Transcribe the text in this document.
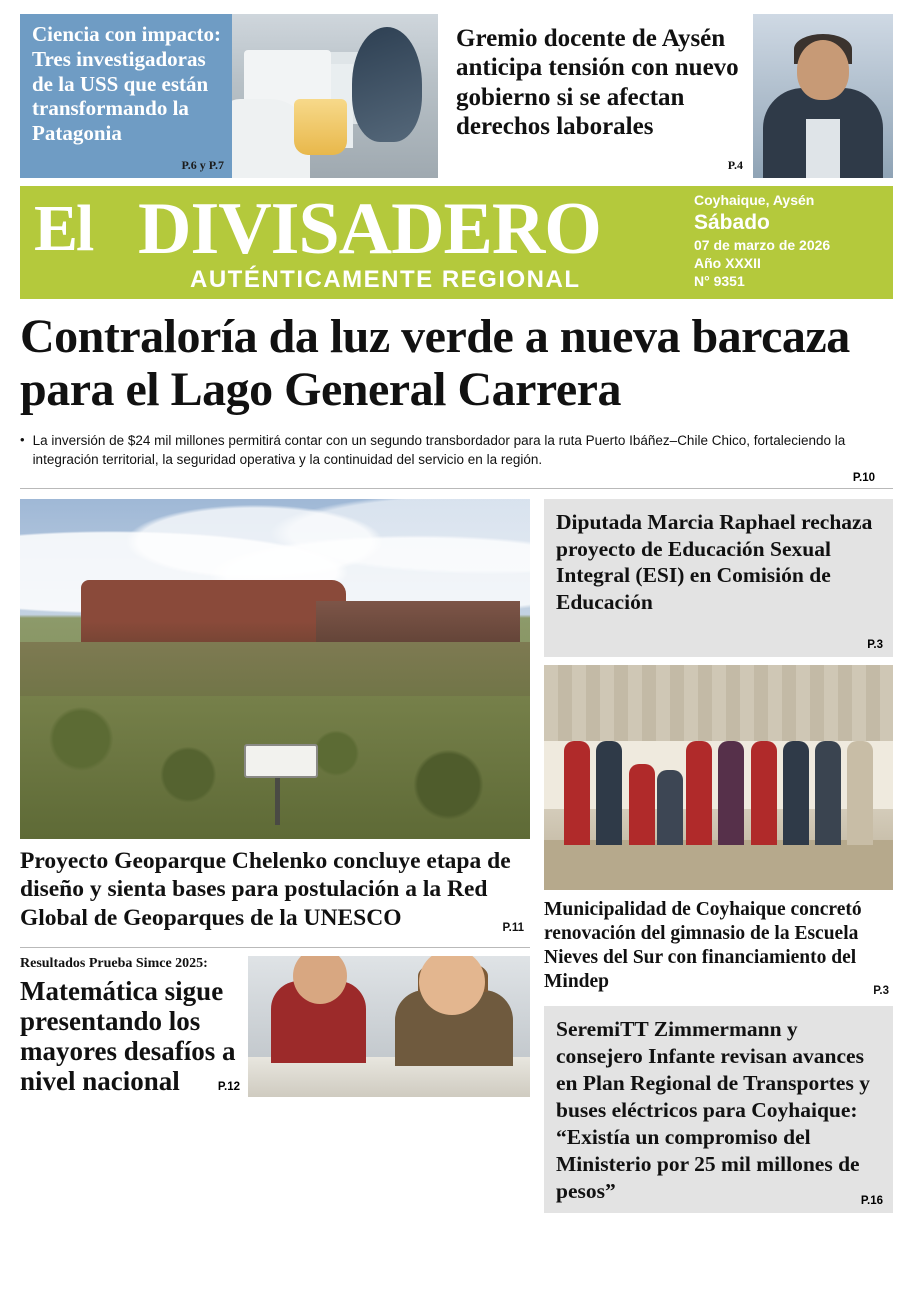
Ciencia con impacto: Tres investigadoras de la USS que están transformando la Patagonia
P.6 y P.7
Gremio docente de Aysén anticipa tensión con nuevo gobierno si se afectan derechos laborales
P.4
El DIVISADERO
AUTÉNTICAMENTE REGIONAL
Coyhaique, Aysén
Sábado
07 de marzo de 2026
Año XXXII
N° 9351
Contraloría da luz verde a nueva barcaza para el Lago General Carrera
• La inversión de $24 mil millones permitirá contar con un segundo transbordador para la ruta Puerto Ibáñez–Chile Chico, fortaleciendo la integración territorial, la seguridad operativa y la continuidad del servicio en la región.
P.10
Proyecto Geoparque Chelenko concluye etapa de diseño y sienta bases para postulación a la Red Global de Geoparques de la UNESCO	P.11
Resultados Prueba Simce 2025:
Matemática sigue presentando los mayores desafíos a nivel nacional	P.12
Diputada Marcia Raphael rechaza proyecto de Educación Sexual Integral (ESI) en Comisión de Educación
P.3
Municipalidad de Coyhaique concretó renovación del gimnasio de la Escuela Nieves del Sur con financiamiento del Mindep	P.3
SeremiTT Zimmermann y consejero Infante revisan avances en Plan Regional de Transportes y buses eléctricos para Coyhaique: “Existía un compromiso del Ministerio por 25 mil millones de pesos”	P.16
